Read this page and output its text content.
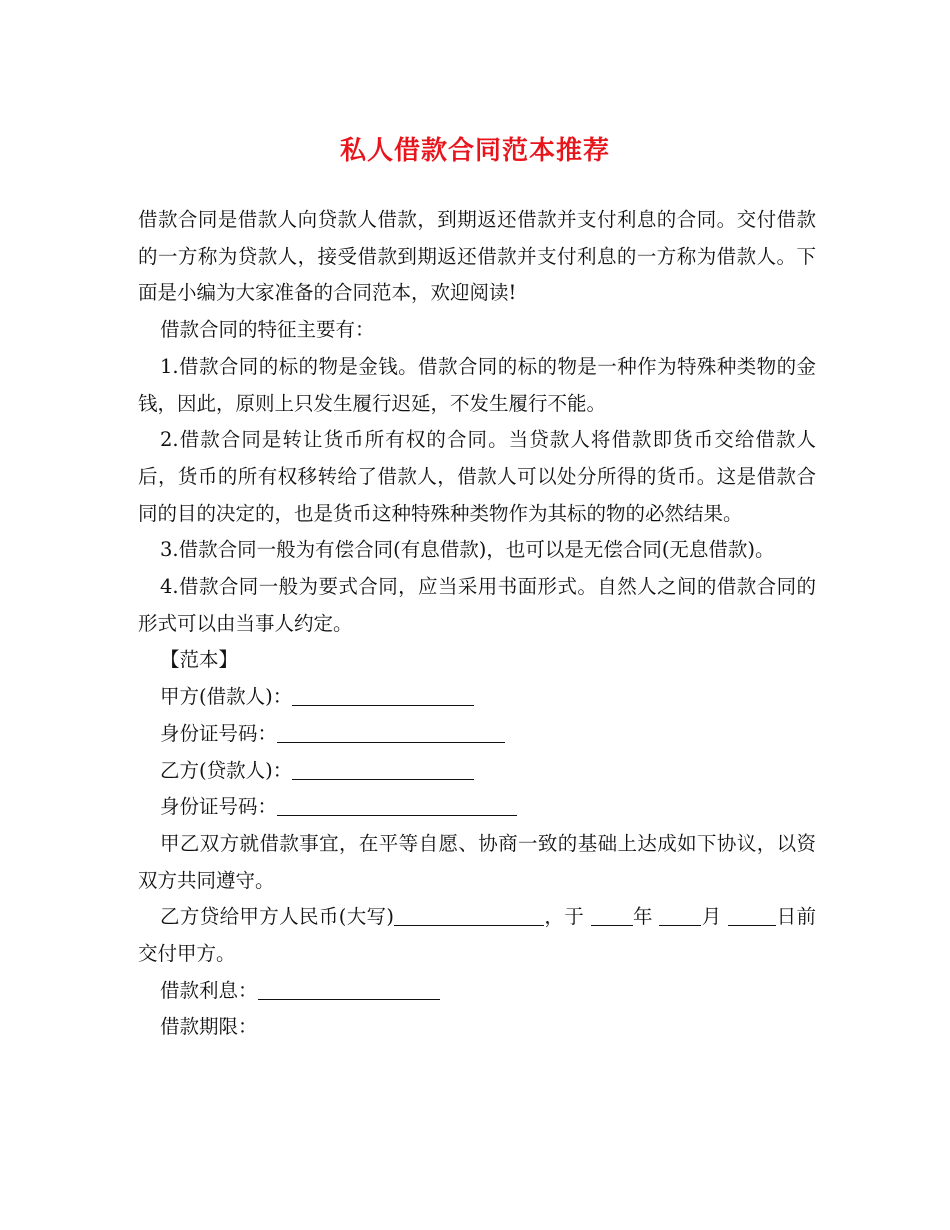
私人借款合同范本推荐

借款合同是借款人向贷款人借款，到期返还借款并支付利息的合同。交付借款的一方称为贷款人，接受借款到期返还借款并支付利息的一方称为借款人。下面是小编为大家准备的合同范本，欢迎阅读!

借款合同的特征主要有：

1.借款合同的标的物是金钱。借款合同的标的物是一种作为特殊种类物的金钱，因此，原则上只发生履行迟延，不发生履行不能。

2.借款合同是转让货币所有权的合同。当贷款人将借款即货币交给借款人后，货币的所有权移转给了借款人，借款人可以处分所得的货币。这是借款合同的目的决定的，也是货币这种特殊种类物作为其标的物的必然结果。

3.借款合同一般为有偿合同(有息借款)，也可以是无偿合同(无息借款)。

4.借款合同一般为要式合同，应当采用书面形式。自然人之间的借款合同的形式可以由当事人约定。

【范本】

甲方(借款人)：

身份证号码：

乙方(贷款人)：

身份证号码：

甲乙双方就借款事宜，在平等自愿、协商一致的基础上达成如下协议，以资双方共同遵守。

乙方贷给甲方人民币(大写)	，于 年 月	日前交付甲方。

借款利息：

借款期限：
